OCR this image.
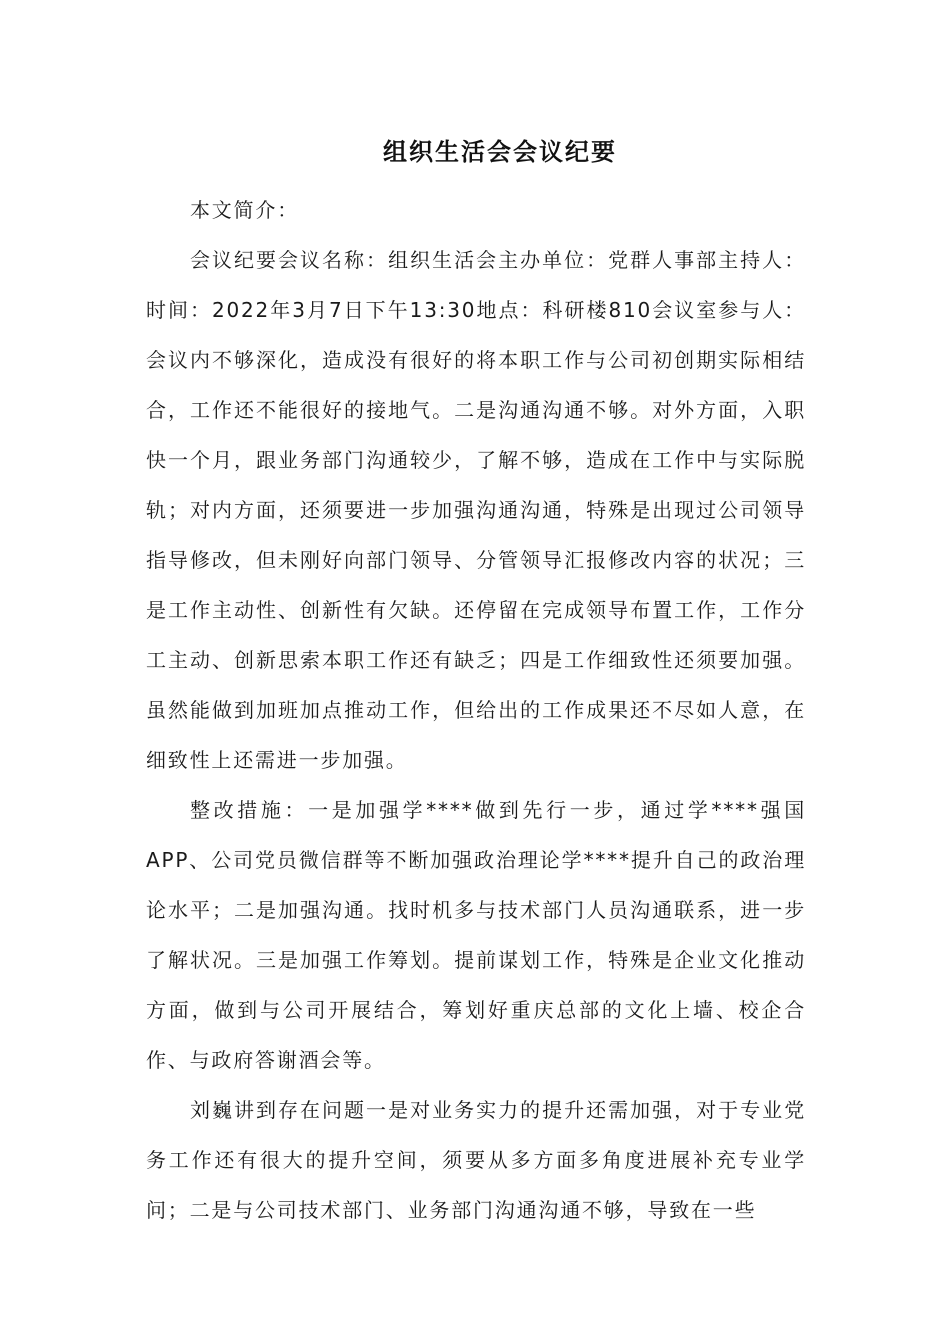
组织生活会会议纪要

本文简介：

会议纪要会议名称：组织生活会主办单位：党群人事部主持人：时间：2022年3月7日下午13:30地点：科研楼810会议室参与人：会议内不够深化，造成没有很好的将本职工作与公司初创期实际相结合，工作还不能很好的接地气。二是沟通沟通不够。对外方面，入职快一个月，跟业务部门沟通较少，了解不够，造成在工作中与实际脱轨；对内方面，还须要进一步加强沟通沟通，特殊是出现过公司领导指导修改，但未刚好向部门领导、分管领导汇报修改内容的状况；三是工作主动性、创新性有欠缺。还停留在完成领导布置工作，工作分工主动、创新思索本职工作还有缺乏；四是工作细致性还须要加强。虽然能做到加班加点推动工作，但给出的工作成果还不尽如人意，在细致性上还需进一步加强。

整改措施：一是加强学****做到先行一步，通过学****强国APP、公司党员微信群等不断加强政治理论学****提升自己的政治理论水平；二是加强沟通。找时机多与技术部门人员沟通联系，进一步了解状况。三是加强工作筹划。提前谋划工作，特殊是企业文化推动方面，做到与公司开展结合，筹划好重庆总部的文化上墙、校企合作、与政府答谢酒会等。

刘巍讲到存在问题一是对业务实力的提升还需加强，对于专业党务工作还有很大的提升空间，须要从多方面多角度进展补充专业学问；二是与公司技术部门、业务部门沟通沟通不够，导致在一些
